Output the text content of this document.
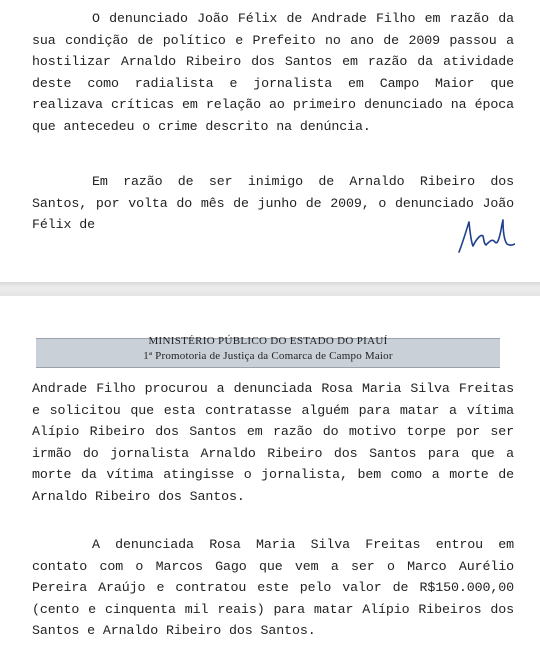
O denunciado João Félix de Andrade Filho em razão da sua condição de político e Prefeito no ano de 2009 passou a hostilizar Arnaldo Ribeiro dos Santos em razão da atividade deste como radialista e jornalista em Campo Maior que realizava críticas em relação ao primeiro denunciado na época que antecedeu o crime descrito na denúncia.

Em razão de ser inimigo de Arnaldo Ribeiro dos Santos, por volta do mês de junho de 2009, o denunciado João Félix de

MINISTÉRIO PÚBLICO DO ESTADO DO PIAUÍ
1ª Promotoria de Justiça da Comarca de Campo Maior

Andrade Filho procurou a denunciada Rosa Maria Silva Freitas e solicitou que esta contratasse alguém para matar a vítima Alípio Ribeiro dos Santos em razão do motivo torpe por ser irmão do jornalista Arnaldo Ribeiro dos Santos para que a morte da vítima atingisse o jornalista, bem como a morte de Arnaldo Ribeiro dos Santos.

A denunciada Rosa Maria Silva Freitas entrou em contato com o Marcos Gago que vem a ser o Marco Aurélio Pereira Araújo e contratou este pelo valor de R$150.000,00 (cento e cinquenta mil reais) para matar Alípio Ribeiros dos Santos e Arnaldo Ribeiro dos Santos.
